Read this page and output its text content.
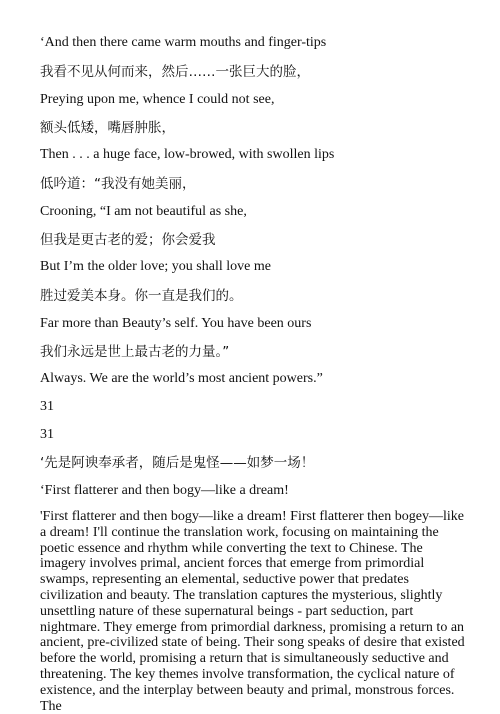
‘And then there came warm mouths and finger-tips
我看不见从何而来，然后……一张巨大的脸，
Preying upon me, whence I could not see,
额头低矮，嘴唇肿胀，
Then . . . a huge face, low-browed, with swollen lips
低吟道：“我没有她美丽，
Crooning, “I am not beautiful as she,
但我是更古老的爱；你会爱我
But I’m the older love; you shall love me
胜过爱美本身。你一直是我们的。
Far more than Beauty’s self. You have been ours
我们永远是世上最古老的力量。”
Always. We are the world’s most ancient powers.”
31
31
‘先是阿谀奉承者，随后是鬼怪——如梦一场！
‘First flatterer and then bogy—like a dream!
'First flatterer and then bogy—like a dream! First flatterer then bogey—like a dream! I'll continue the translation work, focusing on maintaining the poetic essence and rhythm while converting the text to Chinese. The imagery involves primal, ancient forces that emerge from primordial swamps, representing an elemental, seductive power that predates civilization and beauty. The translation captures the mysterious, slightly unsettling nature of these supernatural beings - part seduction, part nightmare. They emerge from primordial darkness, promising a return to an ancient, pre-civilized state of being. Their song speaks of desire that existed before the world, promising a return that is simultaneously seductive and threatening. The key themes involve transformation, the cyclical nature of existence, and the interplay between beauty and primal, monstrous forces. The
